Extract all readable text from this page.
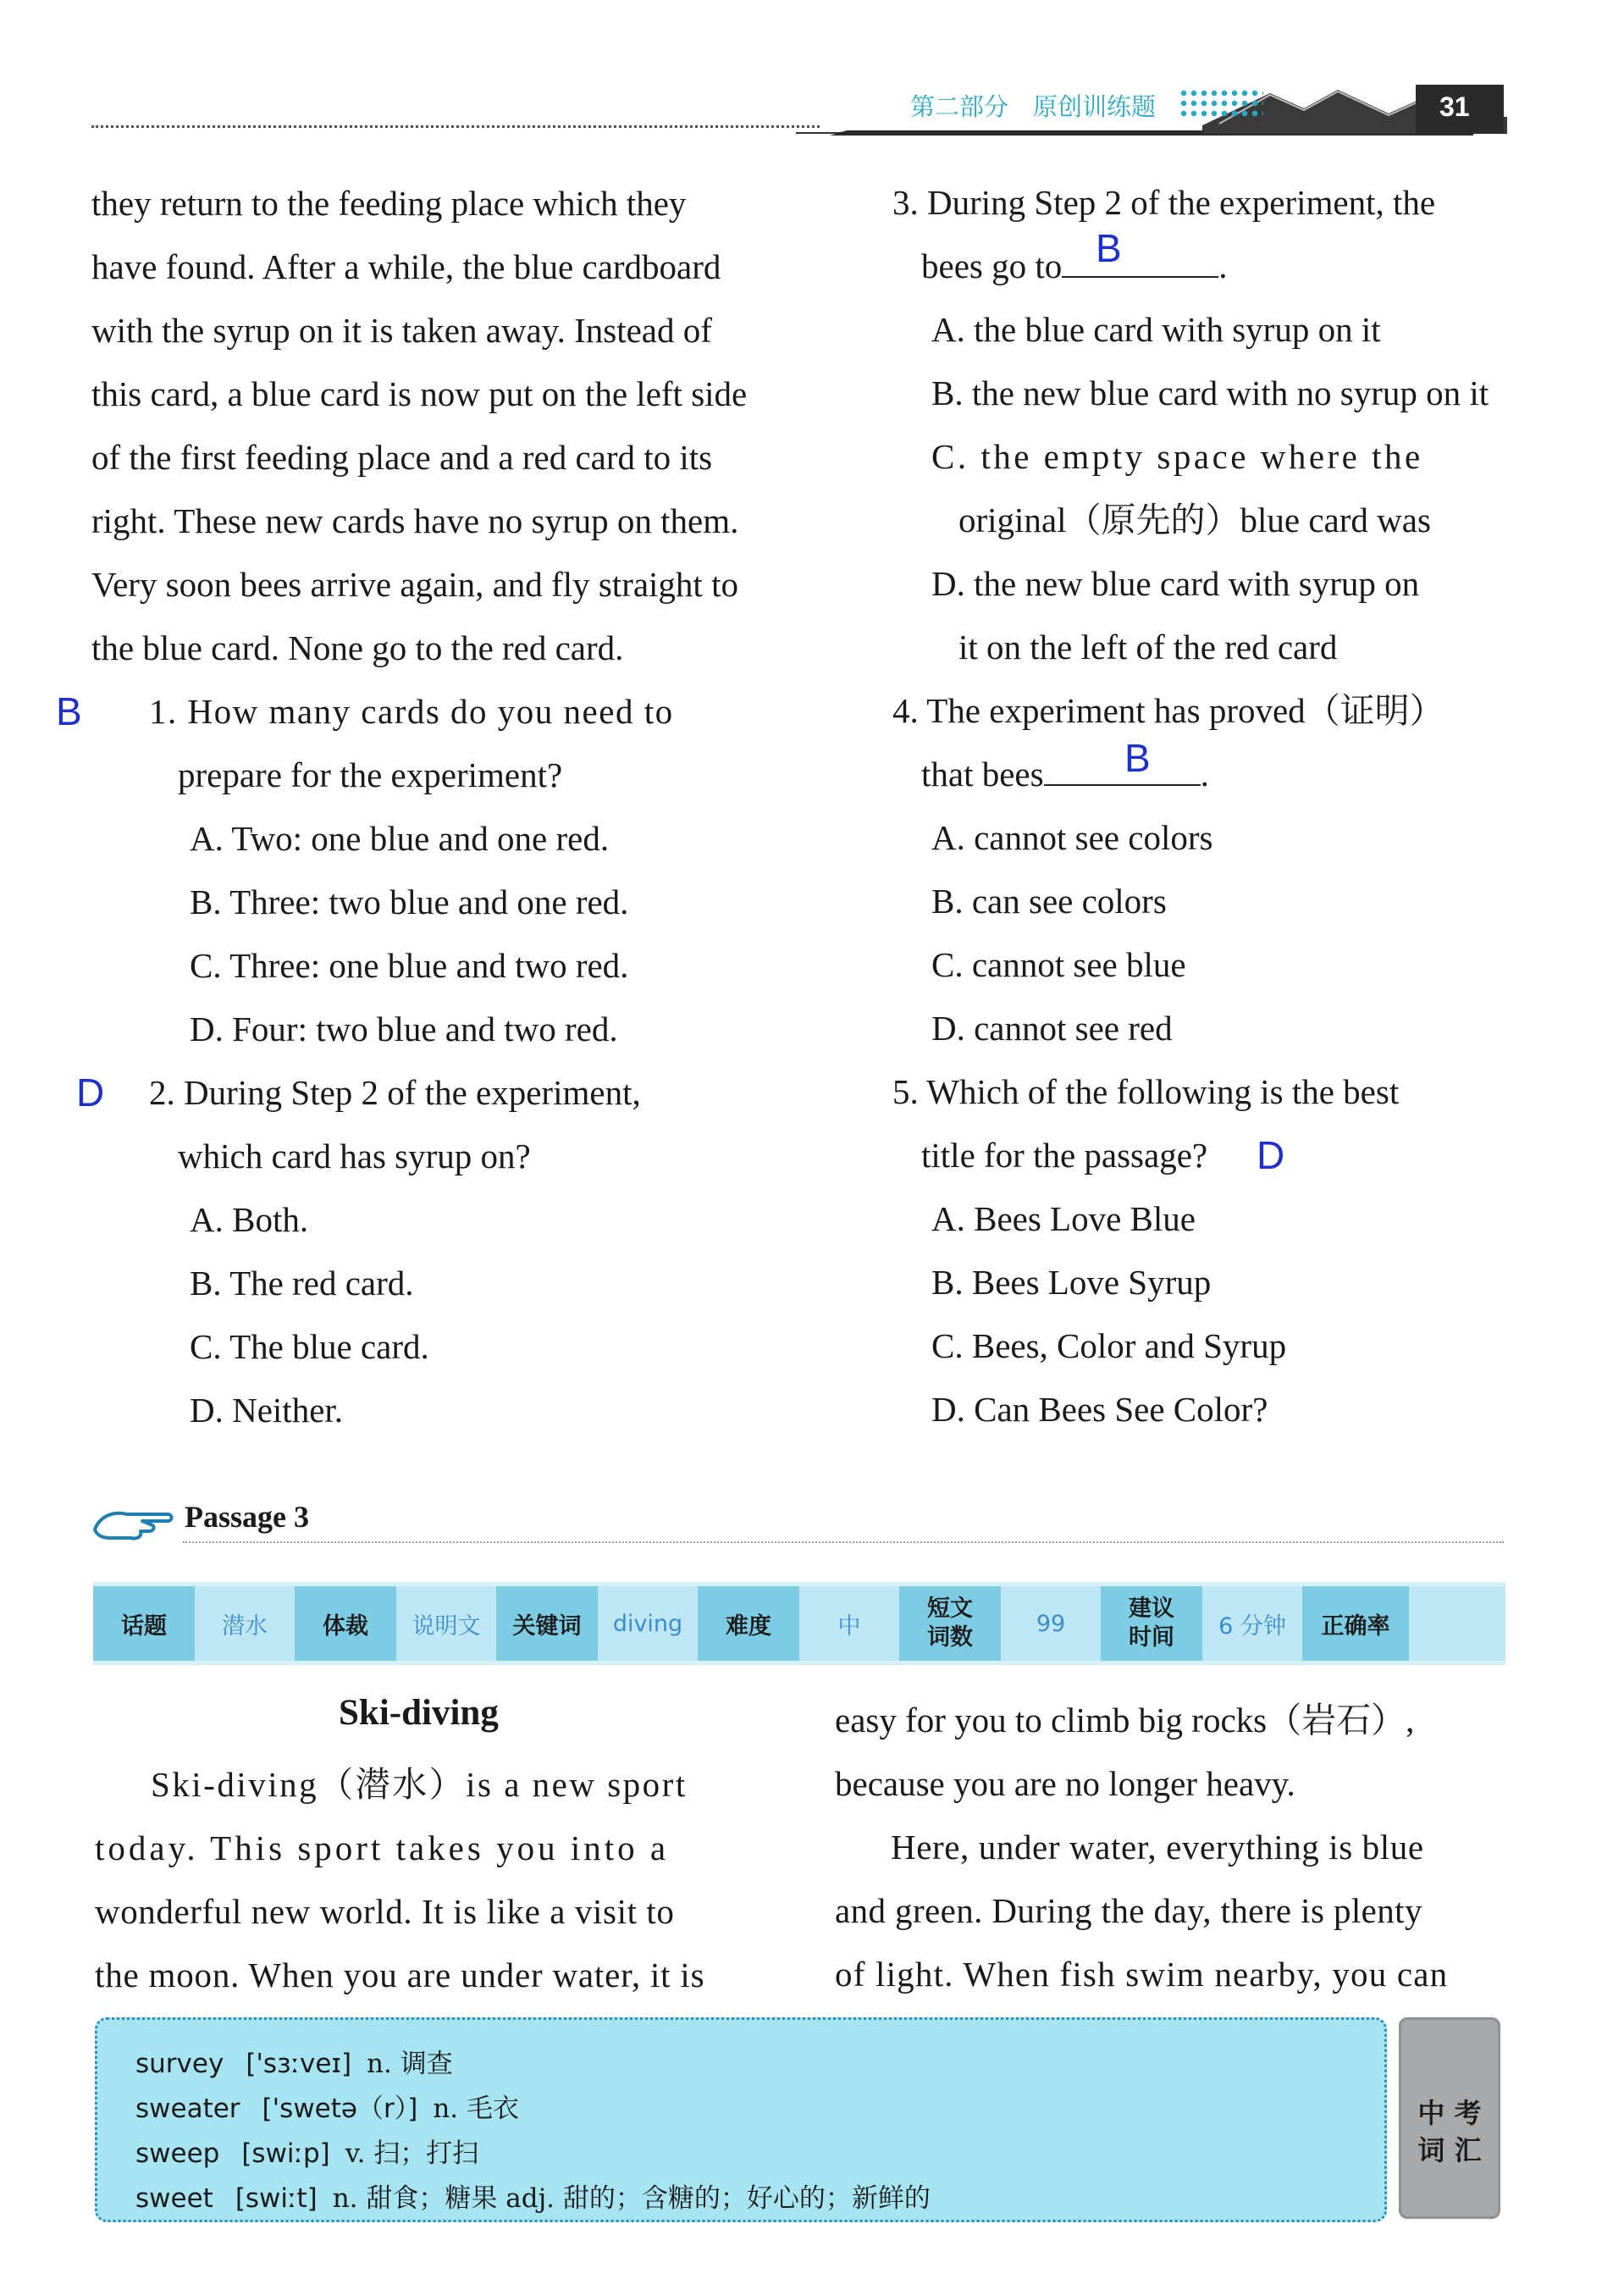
第二部分　原创训练题	31
they return to the feeding place which they
have found. After a while, the blue cardboard
with the syrup on it is taken away. Instead of
this card, a blue card is now put on the left side
of the first feeding place and a red card to its
right. These new cards have no syrup on them.
Very soon bees arrive again, and fly straight to
the blue card. None go to the red card.
B 1. How many cards do you need to
prepare for the experiment?
A. Two: one blue and one red.
B. Three: two blue and one red.
C. Three: one blue and two red.
D. Four: two blue and two red.
D 2. During Step 2 of the experiment,
which card has syrup on?
A. Both.
B. The red card.
C. The blue card.
D. Neither.
3. During Step 2 of the experiment, the
bees go to	.
B
A. the blue card with syrup on it
B. the new blue card with no syrup on it
C. the empty space where the
original（原先的）blue card was
D. the new blue card with syrup on
it on the left of the red card
4. The experiment has proved（证明）
that bees	.
B
A. cannot see colors
B. can see colors
C. cannot see blue
D. cannot see red
5. Which of the following is the best
title for the passage? D
A. Bees Love Blue
B. Bees Love Syrup
C. Bees, Color and Syrup
D. Can Bees See Color?
Passage 3
话题 潜水 体裁 说明文 关键词 diving 难度	中
短文
词数
99
建议
时间 6 分钟 正确率
Ski-diving
Ski-diving（潜水）is a new sport
today. This sport takes you into a
wonderful new world. It is like a visit to
the moon. When you are under water, it is
easy for you to climb big rocks（岩石）,
because you are no longer heavy.
Here, under water, everything is blue
and green. During the day, there is plenty
of light. When fish swim nearby, you can
survey ['sɜːveɪ] n. 调查
sweater ['swetə（r）] n. 毛衣
sweep [swiːp] v. 扫；打扫
sweet [swiːt] n. 甜食；糖果 adj. 甜的；含糖的；好心的；新鲜的
中 考
词 汇
